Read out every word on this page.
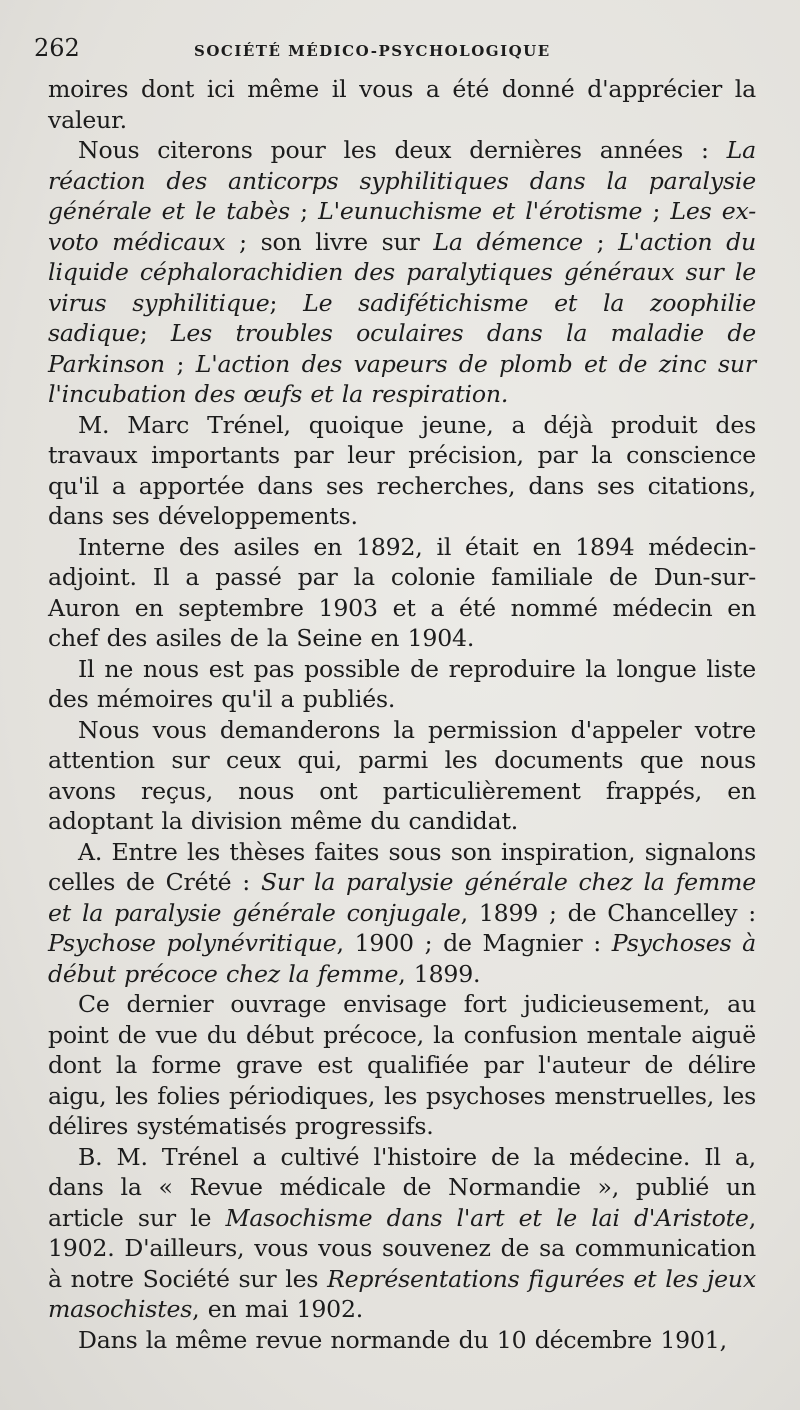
262	SOCIÉTÉ MÉDICO-PSYCHOLOGIQUE

moires dont ici même il vous a été donné d'apprécier la valeur.

Nous citerons pour les deux dernières années : La réaction des anticorps syphilitiques dans la paralysie générale et le tabès ; L'eunuchisme et l'érotisme ; Les ex-voto médicaux ; son livre sur La démence ; L'action du liquide céphalorachidien des paralytiques généraux sur le virus syphilitique; Le sadifétichisme et la zoophilie sadique; Les troubles oculaires dans la maladie de Parkinson ; L'action des vapeurs de plomb et de zinc sur l'incubation des œufs et la respiration.

M. Marc Trénel, quoique jeune, a déjà produit des travaux importants par leur précision, par la conscience qu'il a apportée dans ses recherches, dans ses citations, dans ses développements.

Interne des asiles en 1892, il était en 1894 médecin-adjoint. Il a passé par la colonie familiale de Dun-sur-Auron en septembre 1903 et a été nommé médecin en chef des asiles de la Seine en 1904.

Il ne nous est pas possible de reproduire la longue liste des mémoires qu'il a publiés.

Nous vous demanderons la permission d'appeler votre attention sur ceux qui, parmi les documents que nous avons reçus, nous ont particulièrement frappés, en adoptant la division même du candidat.

A. Entre les thèses faites sous son inspiration, signalons celles de Crété : Sur la paralysie générale chez la femme et la paralysie générale conjugale, 1899 ; de Chancelley : Psychose polynévritique, 1900 ; de Magnier : Psychoses à début précoce chez la femme, 1899.

Ce dernier ouvrage envisage fort judicieusement, au point de vue du début précoce, la confusion mentale aiguë dont la forme grave est qualifiée par l'auteur de délire aigu, les folies périodiques, les psychoses menstruelles, les délires systématisés progressifs.

B. M. Trénel a cultivé l'histoire de la médecine. Il a, dans la « Revue médicale de Normandie », publié un article sur le Masochisme dans l'art et le lai d'Aristote, 1902. D'ailleurs, vous vous souvenez de sa communication à notre Société sur les Représentations figurées et les jeux masochistes, en mai 1902.

Dans la même revue normande du 10 décembre 1901,
